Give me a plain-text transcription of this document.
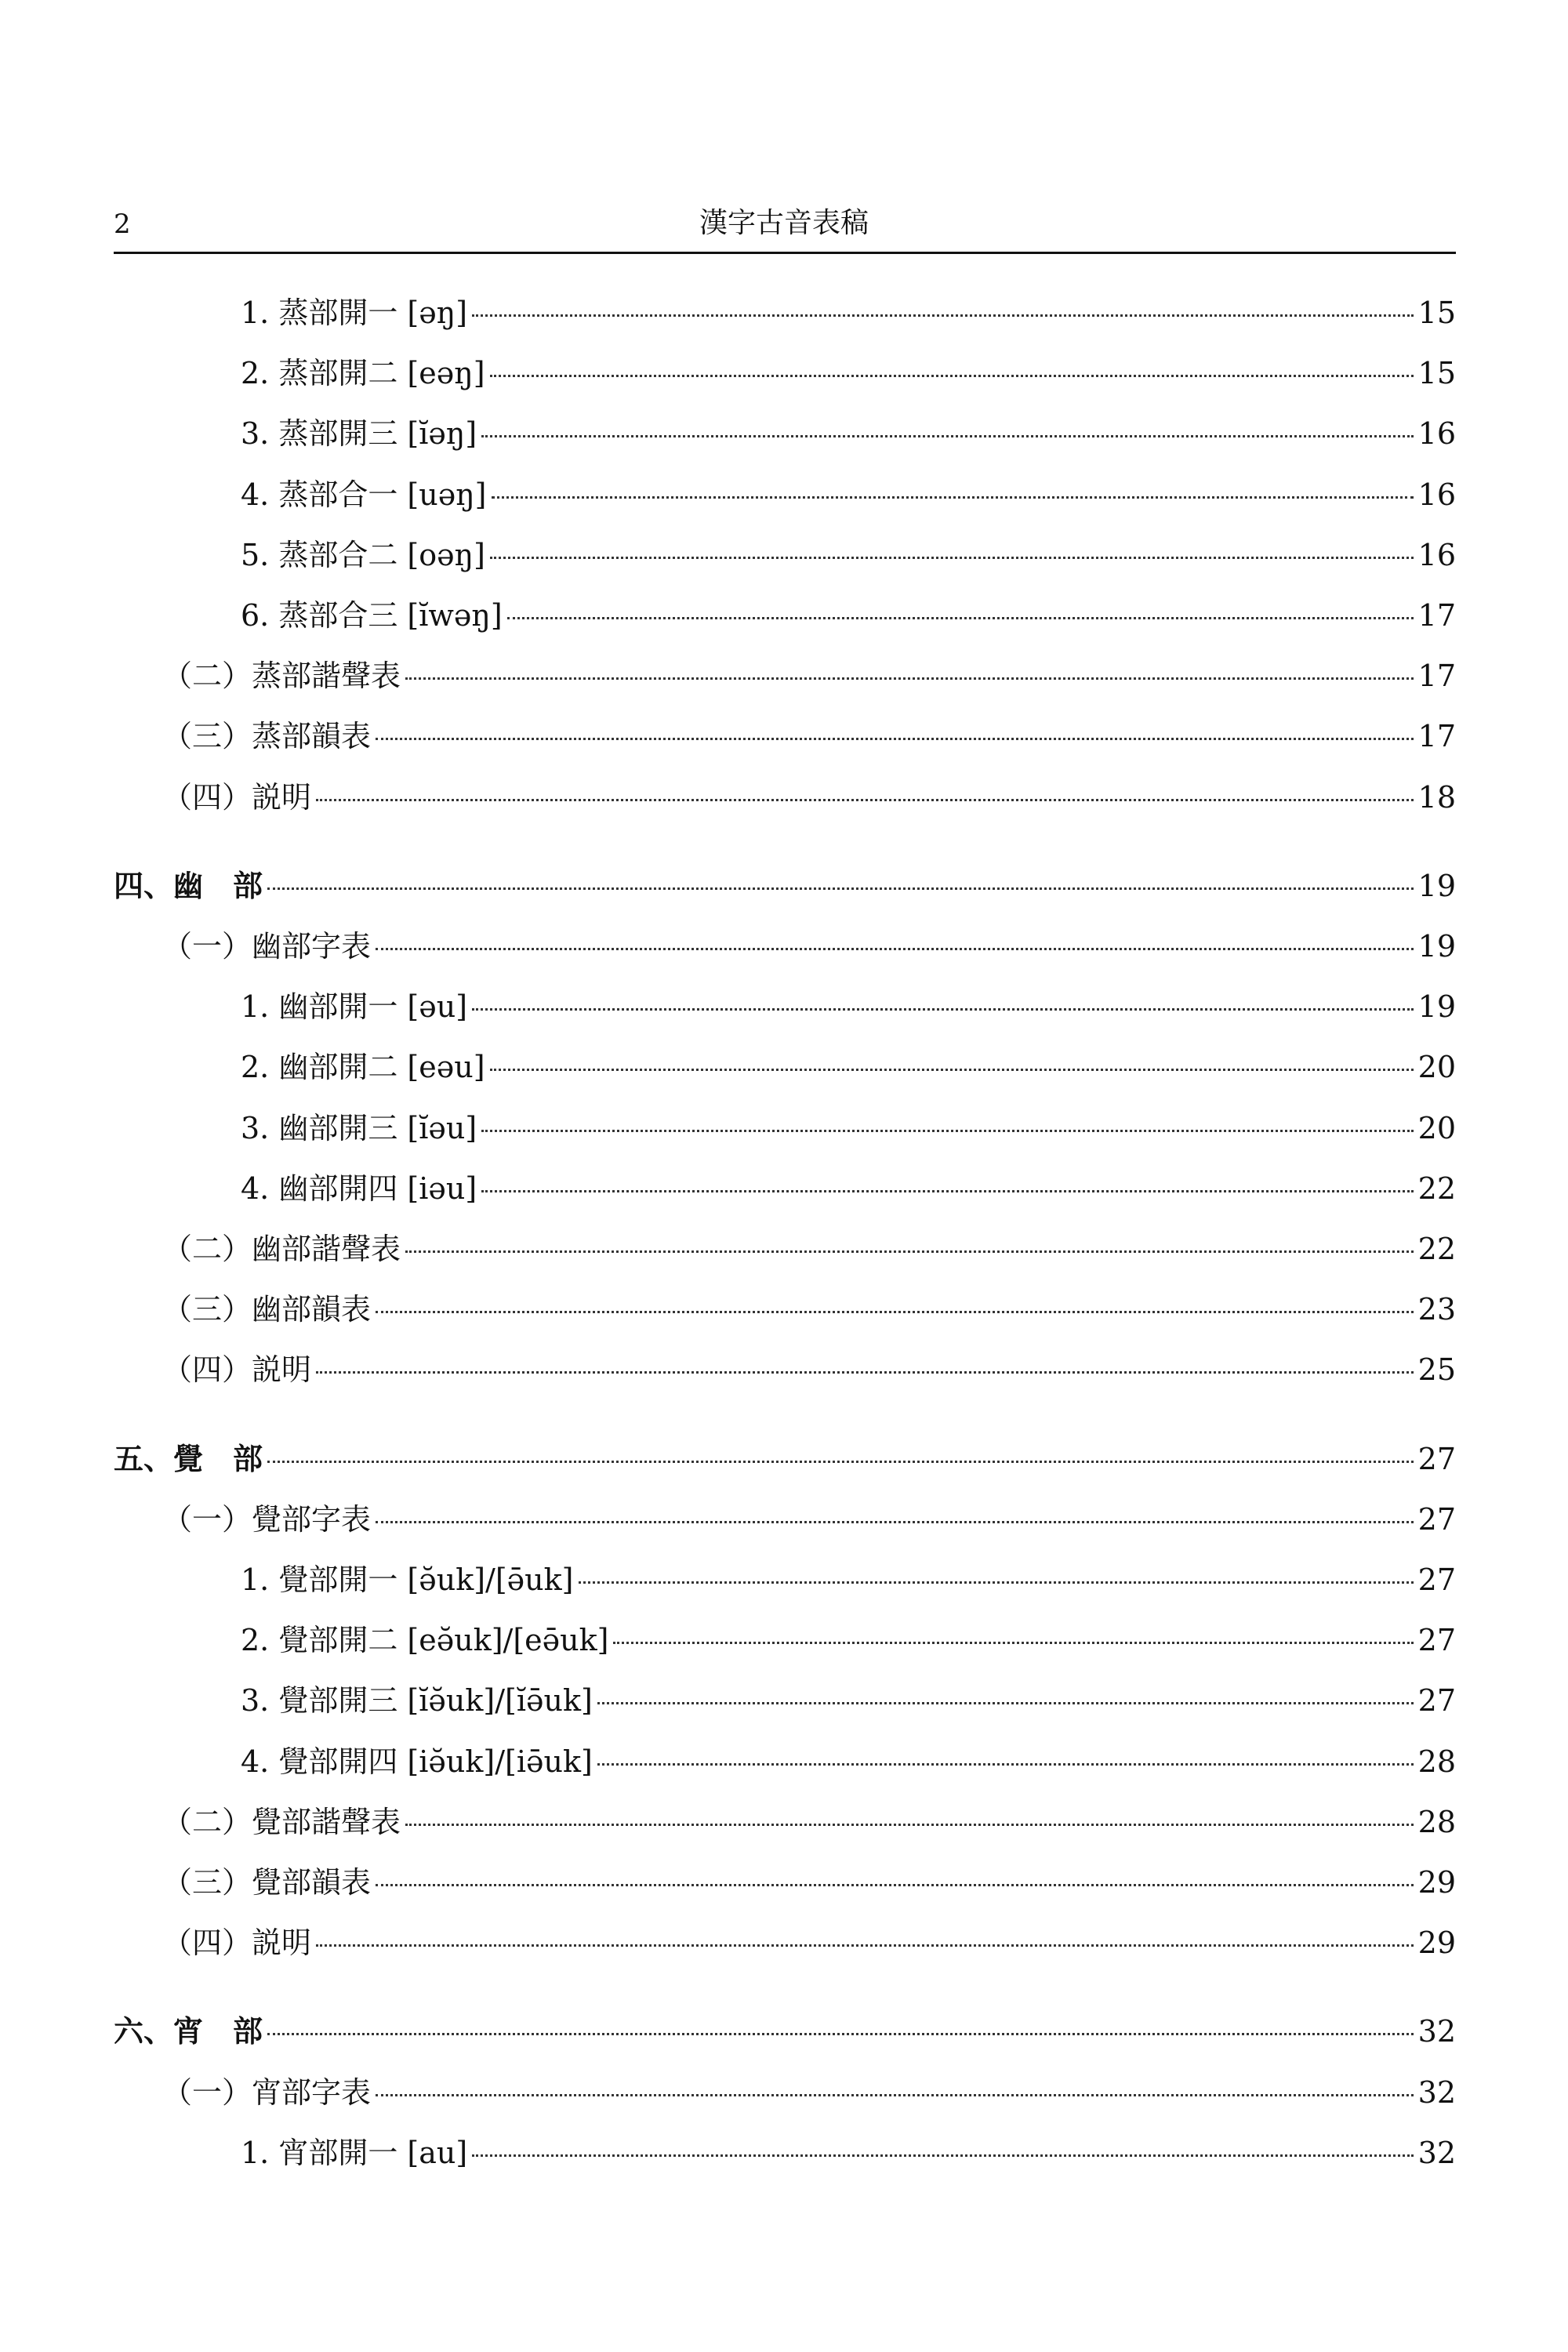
2	漢字古音表稿
1. 蒸部開一 [əŋ]	15
2. 蒸部開二 [eəŋ]	15
3. 蒸部開三 [ĭəŋ]	16
4. 蒸部合一 [uəŋ]	16
5. 蒸部合二 [oəŋ]	16
6. 蒸部合三 [ĭwəŋ]	17
（二）蒸部諧聲表	17
（三）蒸部韻表	17
（四）説明	18
四、幽　部	19
（一）幽部字表	19
1. 幽部開一 [əu]	19
2. 幽部開二 [eəu]	20
3. 幽部開三 [ĭəu]	20
4. 幽部開四 [iəu]	22
（二）幽部諧聲表	22
（三）幽部韻表	23
（四）説明	25
五、覺　部	27
（一）覺部字表	27
1. 覺部開一 [ə̆uk]/[ə̄uk]	27
2. 覺部開二 [eə̆uk]/[eə̄uk]	27
3. 覺部開三 [ĭə̆uk]/[ĭə̄uk]	27
4. 覺部開四 [iə̆uk]/[iə̄uk]	28
（二）覺部諧聲表	28
（三）覺部韻表	29
（四）説明	29
六、宵　部	32
（一）宵部字表	32
1. 宵部開一 [au]	32
